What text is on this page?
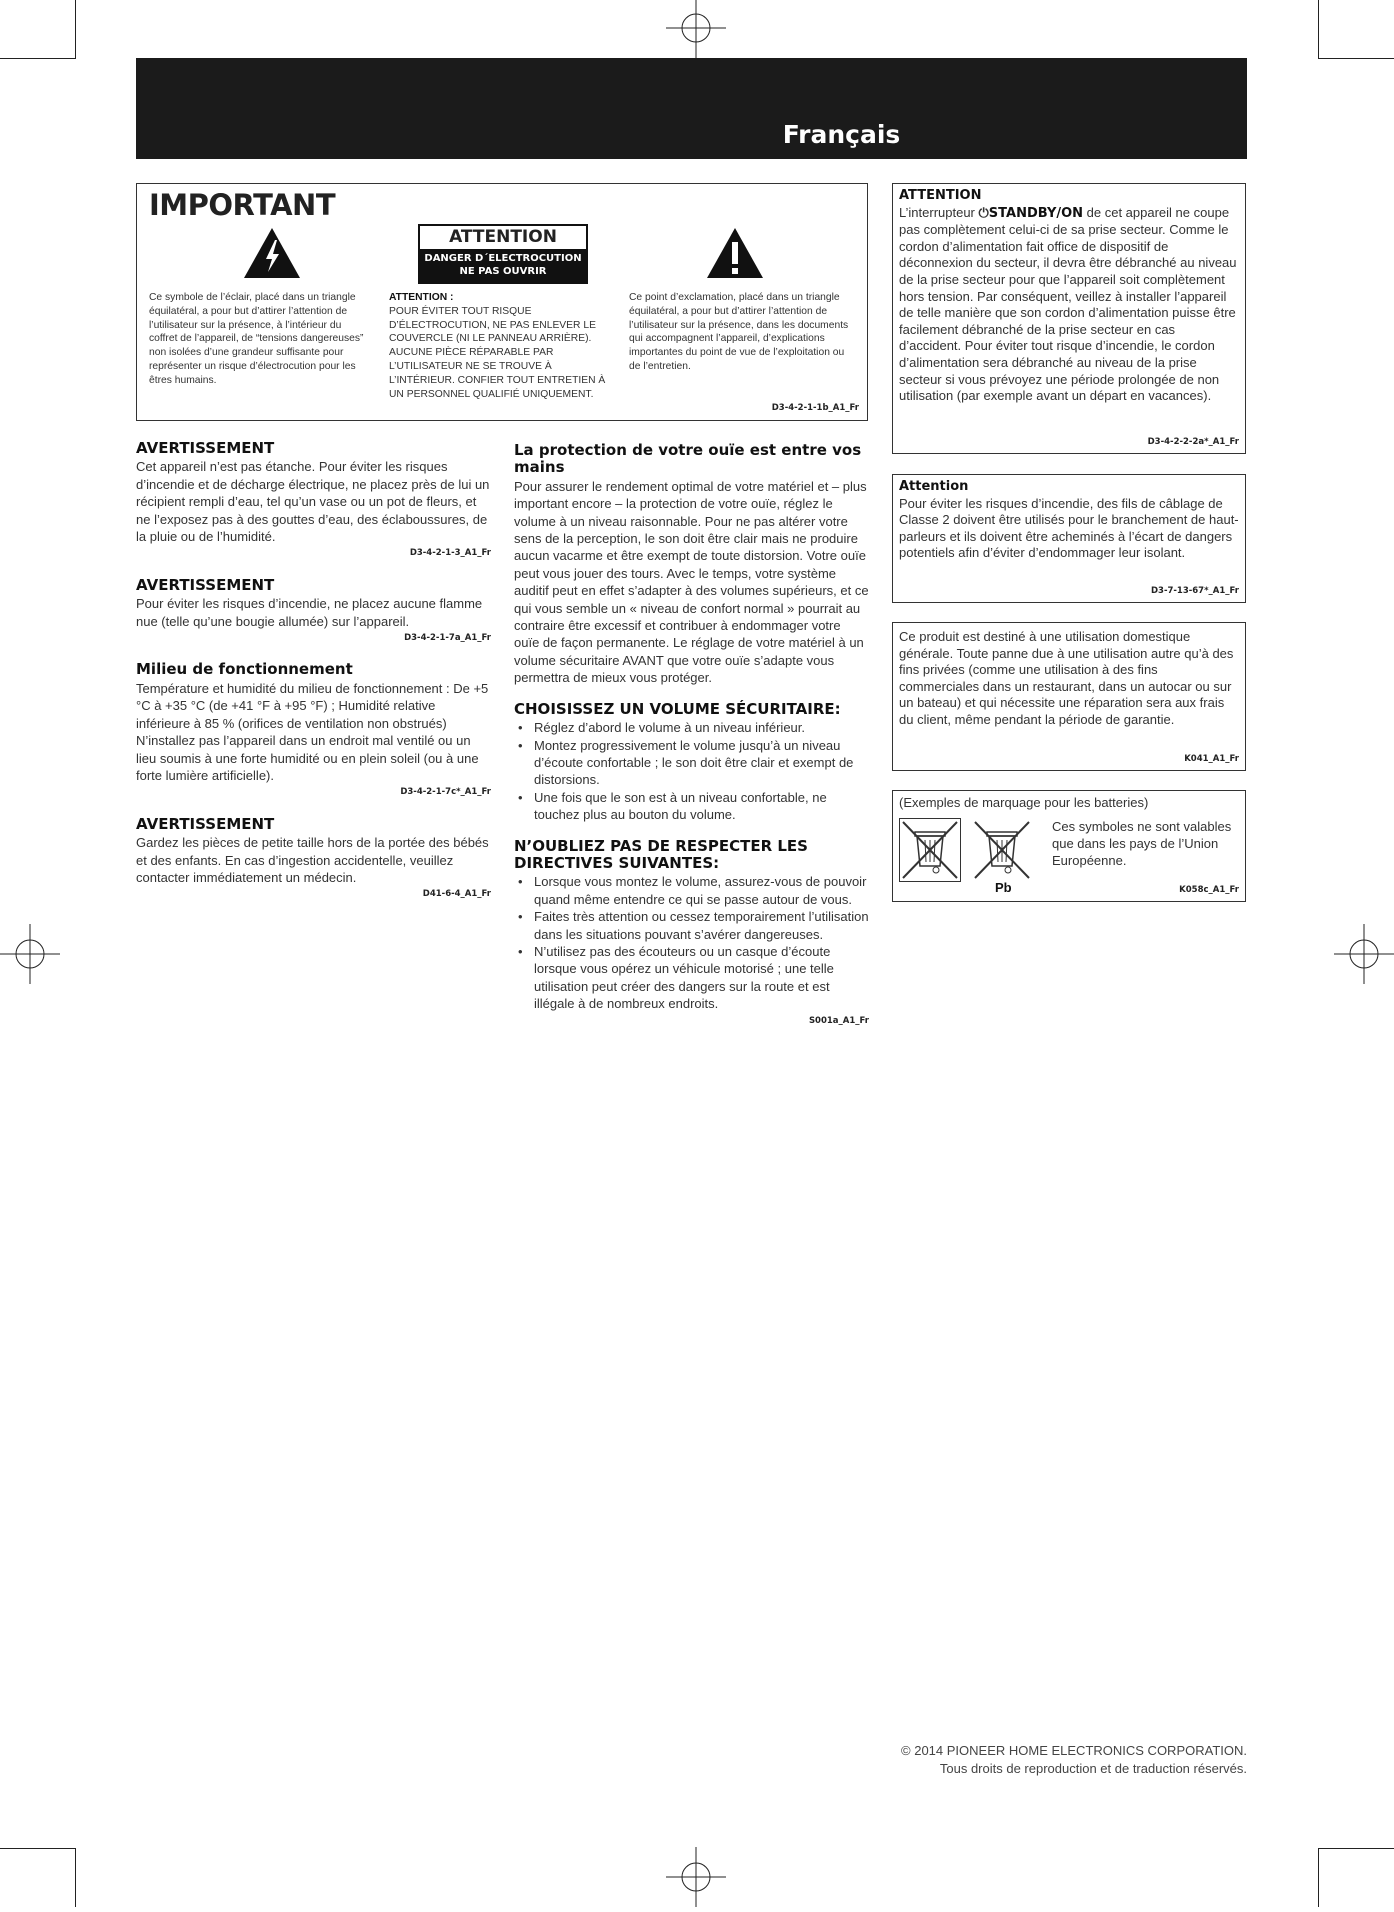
Français
IMPORTANT
ATTENTION
DANGER D´ELECTROCUTION
NE PAS OUVRIR
Ce symbole de l’éclair, placé dans un triangle équilatéral, a pour but d’attirer l’attention de l’utilisateur sur la présence, à l’intérieur du coffret de l’appareil, de “tensions dangereuses” non isolées d’une grandeur suffisante pour représenter un risque d’électrocution pour les êtres humains.
ATTENTION :
POUR ÉVITER TOUT RISQUE D’ÉLECTROCUTION, NE PAS ENLEVER LE COUVERCLE (NI LE PANNEAU ARRIÈRE). AUCUNE PIÈCE RÉPARABLE PAR L’UTILISATEUR NE SE TROUVE À L’INTÉRIEUR. CONFIER TOUT ENTRETIEN À UN PERSONNEL QUALIFIÉ UNIQUEMENT.
Ce point d’exclamation, placé dans un triangle équilatéral, a pour but d’attirer l’attention de l’utilisateur sur la présence, dans les documents qui accompagnent l’appareil, d’explications importantes du point de vue de l’exploitation ou de l’entretien.
D3-4-2-1-1b_A1_Fr
AVERTISSEMENT

Cet appareil n’est pas étanche. Pour éviter les risques d’incendie et de décharge électrique, ne placez près de lui un récipient rempli d’eau, tel qu’un vase ou un pot de fleurs, et ne l’exposez pas à des gouttes d’eau, des éclaboussures, de la pluie ou de l’humidité.

D3-4-2-1-3_A1_Fr
AVERTISSEMENT

Pour éviter les risques d’incendie, ne placez aucune flamme nue (telle qu’une bougie allumée) sur l’appareil.

D3-4-2-1-7a_A1_Fr
Milieu de fonctionnement

Température et humidité du milieu de fonctionnement : De +5 °C à +35 °C (de +41 °F à +95 °F) ; Humidité relative inférieure à 85 % (orifices de ventilation non obstrués)

N’installez pas l’appareil dans un endroit mal ventilé ou un lieu soumis à une forte humidité ou en plein soleil (ou à une forte lumière artificielle).

D3-4-2-1-7c*_A1_Fr
AVERTISSEMENT

Gardez les pièces de petite taille hors de la portée des bébés et des enfants. En cas d’ingestion accidentelle, veuillez contacter immédiatement un médecin.

D41-6-4_A1_Fr
La protection de votre ouïe est entre vos mains

Pour assurer le rendement optimal de votre matériel et – plus important encore – la protection de votre ouïe, réglez le volume à un niveau raisonnable. Pour ne pas altérer votre sens de la perception, le son doit être clair mais ne produire aucun vacarme et être exempt de toute distorsion. Votre ouïe peut vous jouer des tours. Avec le temps, votre système auditif peut en effet s’adapter à des volumes supérieurs, et ce qui vous semble un « niveau de confort normal » pourrait au contraire être excessif et contribuer à endommager votre ouïe de façon permanente. Le réglage de votre matériel à un volume sécuritaire AVANT que votre ouïe s’adapte vous permettra de mieux vous protéger.

CHOISISSEZ UN VOLUME SÉCURITAIRE:
• Réglez d’abord le volume à un niveau inférieur.
• Montez progressivement le volume jusqu’à un niveau d’écoute confortable ; le son doit être clair et exempt de distorsions.
• Une fois que le son est à un niveau confortable, ne touchez plus au bouton du volume.
N’OUBLIEZ PAS DE RESPECTER LES DIRECTIVES SUIVANTES:
• Lorsque vous montez le volume, assurez-vous de pouvoir quand même entendre ce qui se passe autour de vous.
• Faites très attention ou cessez temporairement l’utilisation dans les situations pouvant s’avérer dangereuses.
• N’utilisez pas des écouteurs ou un casque d’écoute lorsque vous opérez un véhicule motorisé ; une telle utilisation peut créer des dangers sur la route et est illégale à de nombreux endroits.
S001a_A1_Fr
ATTENTION
L’interrupteur ⏻STANDBY/ON de cet appareil ne coupe pas complètement celui-ci de sa prise secteur. Comme le cordon d’alimentation fait office de dispositif de déconnexion du secteur, il devra être débranché au niveau de la prise secteur pour que l’appareil soit complètement hors tension. Par conséquent, veillez à installer l’appareil de telle manière que son cordon d’alimentation puisse être facilement débranché de la prise secteur en cas d’accident. Pour éviter tout risque d’incendie, le cordon d’alimentation sera débranché au niveau de la prise secteur si vous prévoyez une période prolongée de non utilisation (par exemple avant un départ en vacances).
D3-4-2-2-2a*_A1_Fr
Attention
Pour éviter les risques d’incendie, des fils de câblage de Classe 2 doivent être utilisés pour le branchement de haut-parleurs et ils doivent être acheminés à l’écart de dangers potentiels afin d’éviter d’endommager leur isolant.
D3-7-13-67*_A1_Fr
Ce produit est destiné à une utilisation domestique générale. Toute panne due à une utilisation autre qu’à des fins privées (comme une utilisation à des fins commerciales dans un restaurant, dans un autocar ou sur un bateau) et qui nécessite une réparation sera aux frais du client, même pendant la période de garantie.
K041_A1_Fr
(Exemples de marquage pour les batteries)
Pb
Ces symboles ne sont valables que dans les pays de l’Union Européenne.
K058c_A1_Fr
© 2014 PIONEER HOME ELECTRONICS CORPORATION.
Tous droits de reproduction et de traduction réservés.
